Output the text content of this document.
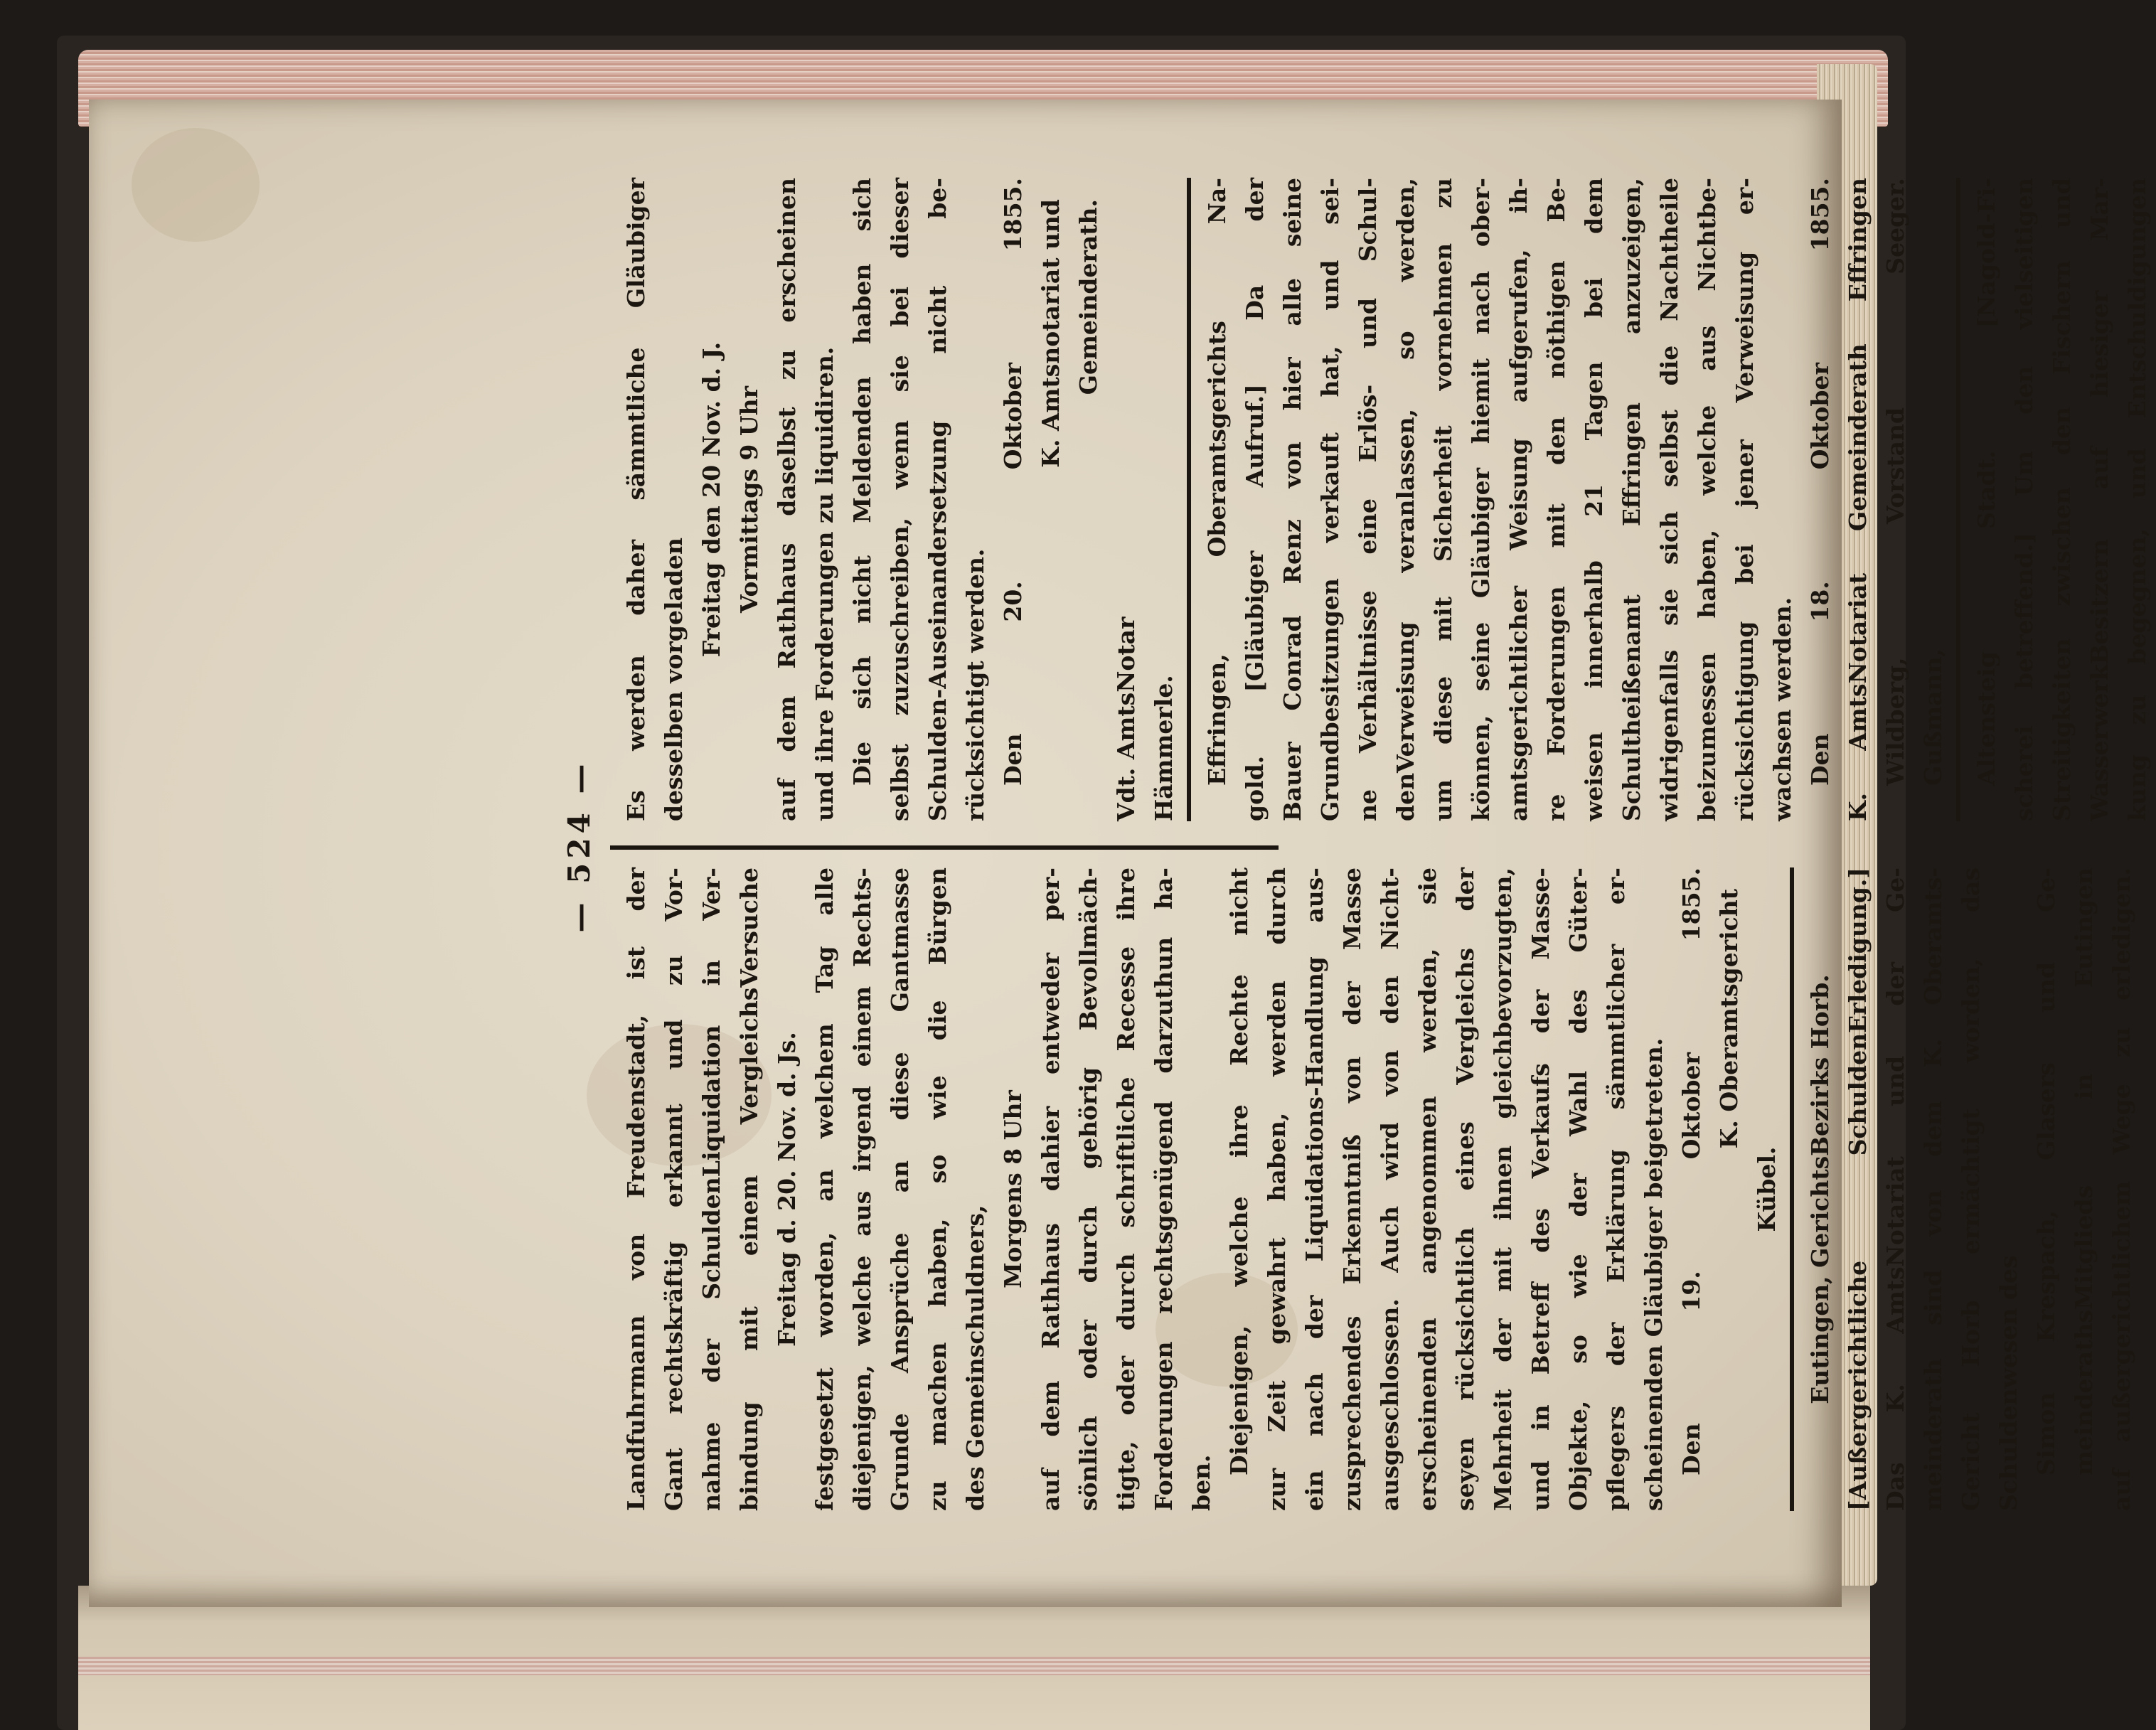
— 524 —
Landfuhrmann von Freudenstadt, ist der Gant rechtskräftig erkannt und zu Vor- nahme der SchuldenLiquidation in Ver- bindung mit einem VergleichsVersuche Freitag d. 20. Nov. d. Js. festgesetzt worden, an welchem Tag alle diejenigen, welche aus irgend einem Rechts- Grunde Ansprüche an diese Gantmasse zu machen haben, so wie die Bürgen des Gemeinschuldners,
Morgens 8 Uhr auf dem Rathhaus dahier entweder per- sönlich oder durch gehörig Bevollmäch- tigte, oder durch schriftliche Recesse ihre Forderungen rechtsgenügend darzuthun ha- ben.
Diejenigen, welche ihre Rechte nicht zur Zeit gewahrt haben, werden durch ein nach der Liquidations-Handlung aus- zusprechendes Erkenntniß von der Masse ausgeschlossen. Auch wird von den Nicht- erscheinenden angenommen werden, sie seyen rücksichtlich eines Vergleichs der Mehrheit der mit ihnen gleichbevorzugten, und in Betreff des Verkaufs der Masse- Objekte, so wie der Wahl des Güter- pflegers der Erklärung sämmtlicher er- scheinenden Gläubiger beigetreten. Den 19. Oktober 1855. K. Oberamtsgericht
Kübel. Eutingen, GerichtsBezirks Horb. [Außergerichtliche SchuldenErledigung.] Das K. AmtsNotariat und der Ge- meinderath sind von dem K. Oberamts- Gericht Horb ermächtigt worden, das Schuldenwesen des Simon Krespach, Glasers und Ge- meinderathsMitglieds in Eutingen auf außergerichtlichem Wege zu erledigen.
Es werden daher sämmtliche Gläubiger desselben vorgeladen
Freitag den 20 Nov. d. J. Vormittags 9 Uhr auf dem Rathhaus daselbst zu erscheinen und ihre Forderungen zu liquidiren. Die sich nicht Meldenden haben sich selbst zuzuschreiben, wenn sie bei dieser Schulden-Auseinandersetzung nicht be- rücksichtigt werden. Den 20. Oktober 1855. K. Amtsnotariat und Gemeinderath.
Vdt. AmtsNotar Hämmerle. Effringen, Oberamtsgerichts Na- gold. [Gläubiger Aufruf.] Da der Bauer Conrad Renz von hier alle seine Grundbesitzungen verkauft hat, und sei- ne Verhältnisse eine Erlös- und Schul- denVerweisung veranlassen, so werden, um diese mit Sicherheit vornehmen zu können, seine Gläubiger hiemit nach ober- amtsgerichtlicher Weisung aufgerufen, ih- re Forderungen mit den nöthigen Be- weisen innerhalb 21 Tagen bei dem Schultheißenamt Effringen anzuzeigen, widrigenfalls sie sich selbst die Nachtheile beizumessen haben, welche aus Nichtbe- rücksichtigung bei jener Verweisung er- wachsen werden. Den 18. Oktober 1855. K. AmtsNotariat Gemeinderath Effringen Wildberg, Vorstand Seeger. Gußmann, Altensteig Stadt. [Nagold-Fi- scherei betreffend.] Um den vielseitigen Streitigkeiten zwischen den Fischern und WasserwerkBesitzern auf hiesiger Mar- kung zu begegnen, und Entschuldigungen
